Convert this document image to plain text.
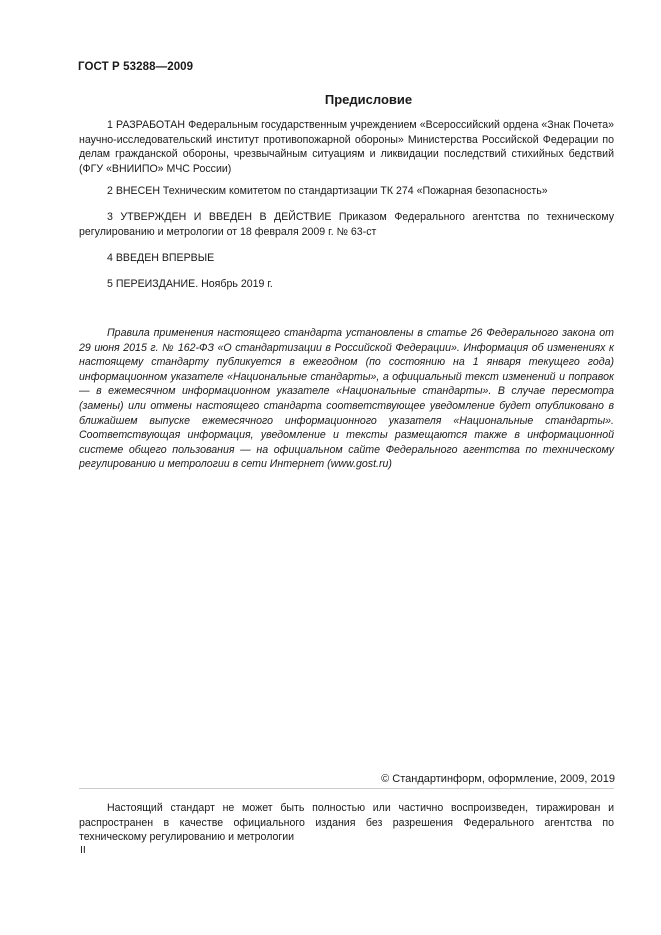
ГОСТ Р 53288—2009
Предисловие

1 РАЗРАБОТАН Федеральным государственным учреждением «Всероссийский ордена «Знак Почета» научно-исследовательский институт противопожарной обороны» Министерства Российской Федерации по делам гражданской обороны, чрезвычайным ситуациям и ликвидации последствий стихийных бедствий (ФГУ «ВНИИПО» МЧС России)

2 ВНЕСЕН Техническим комитетом по стандартизации ТК 274 «Пожарная безопасность»

3 УТВЕРЖДЕН И ВВЕДЕН В ДЕЙСТВИЕ Приказом Федерального агентства по техническому регулированию и метрологии от 18 февраля 2009 г. № 63-ст

4 ВВЕДЕН ВПЕРВЫЕ

5 ПЕРЕИЗДАНИЕ. Ноябрь 2019 г.

Правила применения настоящего стандарта установлены в статье 26 Федерального закона от 29 июня 2015 г. № 162-ФЗ «О стандартизации в Российской Федерации». Информация об изменениях к настоящему стандарту публикуется в ежегодном (по состоянию на 1 января текущего года) информационном указателе «Национальные стандарты», а официальный текст изменений и поправок — в ежемесячном информационном указателе «Национальные стандарты». В случае пересмотра (замены) или отмены настоящего стандарта соответствующее уведомление будет опубликовано в ближайшем выпуске ежемесячного информационного указателя «Национальные стандарты». Соответствующая информация, уведомление и тексты размещаются также в информационной системе общего пользования — на официальном сайте Федерального агентства по техническому регулированию и метрологии в сети Интернет (www.gost.ru)

© Стандартинформ, оформление, 2009, 2019

Настоящий стандарт не может быть полностью или частично воспроизведен, тиражирован и распространен в качестве официального издания без разрешения Федерального агентства по техническому регулированию и метрологии

II
